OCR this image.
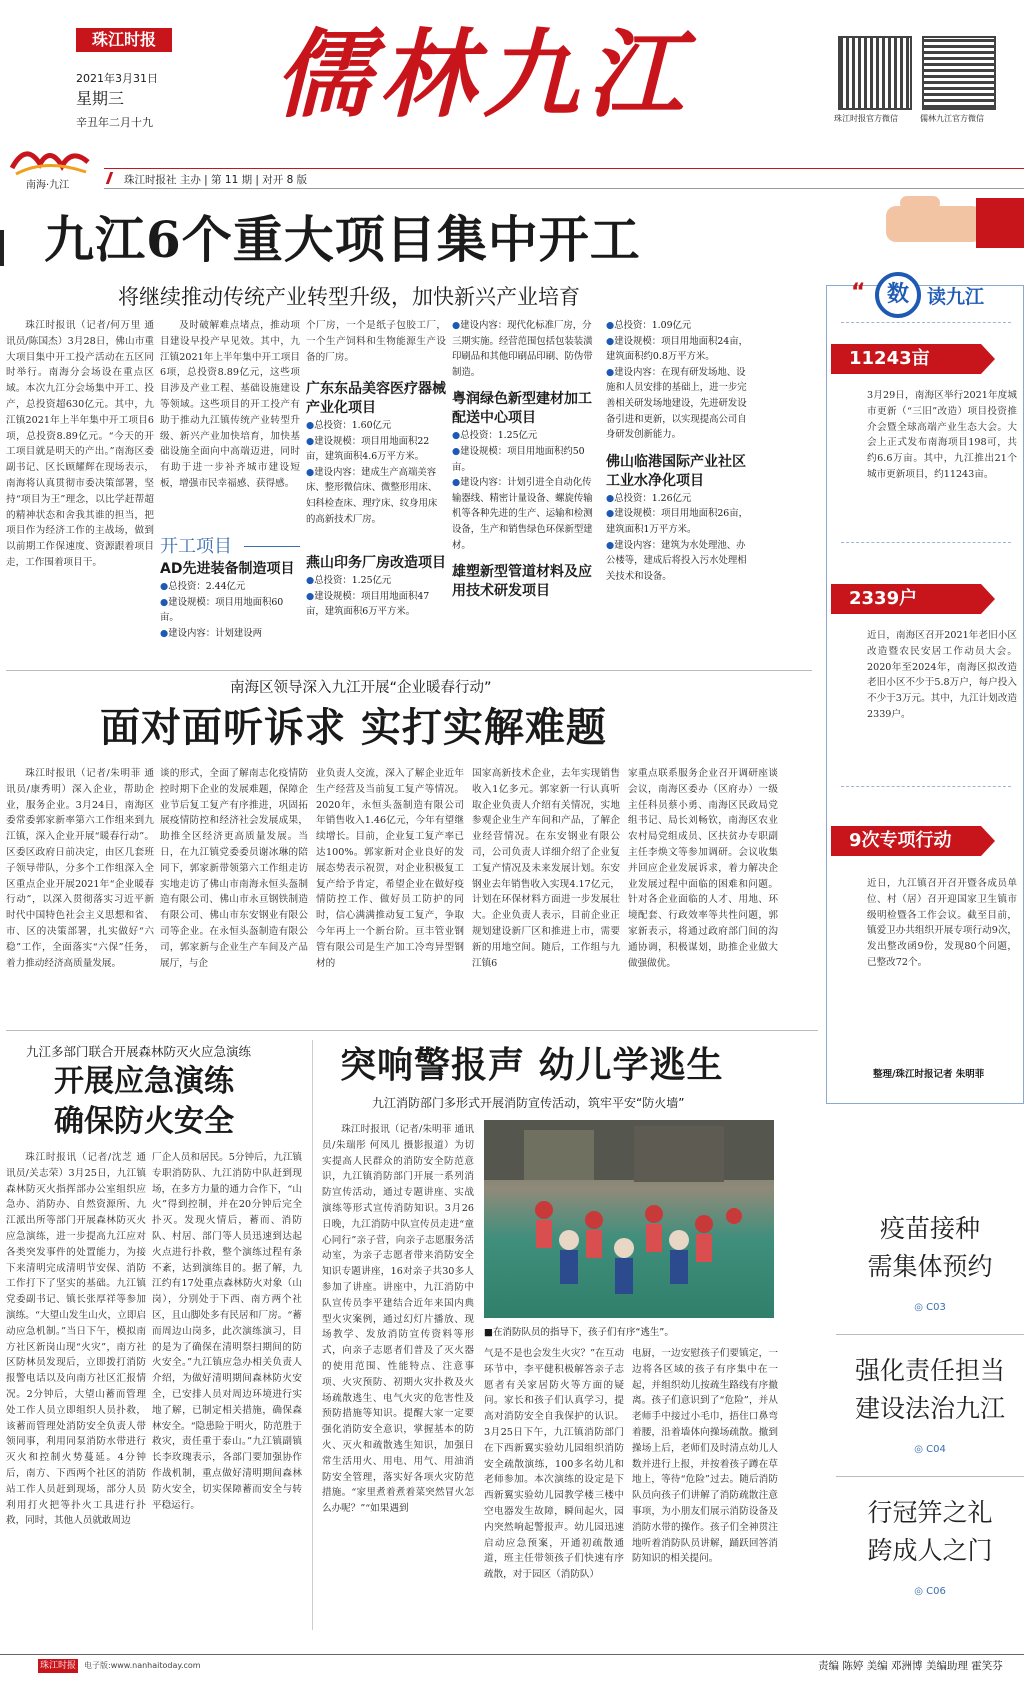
珠江时报
2021年3月31日
星期三
辛丑年二月十九 儒林九江	珠江时报官方微信	儒林九江官方微信
南海·九江	珠江时报社 主办 | 第 11 期 | 对开 8 版
九江6个重大项目集中开工
将继续推动传统产业转型升级，加快新兴产业培育

珠江时报讯（记者/何万里 通讯员/陈国杰）3月28日，佛山市重大项目集中开工投产活动在五区同时举行。南海分会场设在重点区域。本次九江分会场集中开工、投产，总投资超630亿元。其中，九江镇2021年上半年集中开工项目6项，总投资8.89亿元。“今天的开工项目就是明天的产出。”南海区委副书记、区长顾耀辉在现场表示，南海将认真贯彻市委决策部署，坚持“项目为王”理念，以比学赶帮超的精神状态和舍我其谁的担当，把项目作为经济工作的主战场，做到以前期工作保速度、资源跟着项目走，工作围着项目干。

及时破解难点堵点，推动项目建设早投产早见效。其中，九江镇2021年上半年集中开工项目6项，总投资8.89亿元，这些项目涉及产业工程、基础设施建设等领域。这些项目的开工投产有助于推动九江镇传统产业转型升级、新兴产业加快培育，加快基础设施全面向中高端迈进，同时有助于进一步补齐城市建设短板，增强市民幸福感、获得感。

开工项目
AD先进装备制造项目
●总投资：2.44亿元
●建设规模：项目用地面积60亩。
●建设内容：计划建设两

个厂房，一个是纸子包胶工厂，一个生产饲料和生物能源生产设备的厂房。

广东东品美容医疗器械产业化项目
●总投资：1.60亿元
●建设规模：项目用地面积22亩，建筑面积4.6万平方米。
●建设内容：建成生产高端美容床、整形微信床、微整形用床、妇科检查床、理疗床、纹身用床的高新技术厂房。
燕山印务厂房改造项目
●总投资：1.25亿元
●建设规模：项目用地面积47亩，建筑面积6万平方米。
●建设内容：现代化标准厂房，分三期实施。经营范围包括包装装潢印刷品和其他印刷品印刷、防伪带制造。
粤润绿色新型建材加工配送中心项目
●总投资：1.25亿元
●建设规模：项目用地面积约50亩。
●建设内容：计划引进全自动化传输器线、精密计量设备、螺旋传输机等各种先进的生产、运输和检测设备，生产和销售绿色环保新型建材。
雄塑新型管道材料及应用技术研发项目
●总投资：1.09亿元
●建设规模：项目用地面积24亩，建筑面积约0.8万平方米。
●建设内容：在现有研发场地、设施和人员安排的基础上，进一步完善相关研发场地建设，先进研发设备引进和更新，以实现提高公司自身研发创新能力。
佛山临港国际产业社区工业水净化项目
●总投资：1.26亿元
●建设规模：项目用地面积26亩，建筑面积1万平方米。
●建设内容：建筑为水处理池、办公楼等，建成后将投入污水处理相关技术和设备。
数
“	读九江
11243亩
3月29日，南海区举行2021年度城市更新（“三旧”改造）项目投资推介会暨全球高端产业生态大会。大会上正式发布南海项目198可，共约6.6万亩。其中，九江推出21个城市更新项目，约11243亩。
2339户
近日，南海区召开2021年老旧小区改造暨农民安居工作动员大会。2020年至2024年，南海区拟改造老旧小区不少于5.8万户，每户投入不少于3万元。其中，九江计划改造2339户。
9次专项行动
近日，九江镇召开召开暨各成员单位、村（居）召开迎国家卫生镇市级明检暨各工作会议。截至目前，镇爱卫办共组织开展专项行动9次，发出整改函9份，发现80个问题，已整改72个。
整理/珠江时报记者 朱明菲
南海区领导深入九江开展“企业暖春行动”
面对面听诉求 实打实解难题

珠江时报讯（记者/朱明菲 通讯员/康秀明）深入企业，帮助企业，服务企业。3月24日，南海区委常委郭家新率第六工作组来到九江镇，深入企业开展“暖春行动”。区委区政府日前决定，由区几套班子领导带队，分多个工作组深入全区重点企业开展2021年“企业暖春行动”，以深入贯彻落实习近平新时代中国特色社会主义思想和省、市、区的决策部署，扎实做好“六稳”工作，全面落实“六保”任务，着力推动经济高质量发展。

谈的形式，全面了解南志化疫情防控时期下企业的发展难题，保障企业节后复工复产有序推进，巩固拓展疫情防控和经济社会发展成果，助推全区经济更高质量发展。当日，在九江镇党委委员谢冰琳的陪同下，郭家新带领第六工作组走访实地走访了佛山市南海永恒头盔制造有限公司、佛山市永亘钢铁制造有限公司、佛山市东安钢业有限公司等企业。在永恒头盔制造有限公司，郭家新与企业生产车间及产品展厅，与企

业负责人交流，深入了解企业近年生产经营及当前复工复产等情况。2020年，永恒头盔制造有限公司年销售收入1.46亿元，今年有望继续增长。目前，企业复工复产率已达100%。郭家新对企业良好的发展态势表示祝贺，对企业积极复工复产给予肯定，希望企业在做好疫情防控工作、做好员工防护的同时，信心满满推动复工复产，争取今年再上一个新台阶。亘丰管业钢管有限公司是生产加工冷弯异型钢材的

国家高新技术企业，去年实现销售收入1亿多元。郭家新一行认真听取企业负责人介绍有关情况，实地参观企业生产车间和产品，了解企业经营情况。在东安钢业有限公司，公司负责人详细介绍了企业复工复产情况及未来发展计划。东安钢业去年销售收入实现4.17亿元，计划在环保材料方面进一步发展壮大。企业负责人表示，目前企业正规划建设新厂区和推进上市，需要新的用地空间。随后，工作组与九江镇6

家重点联系服务企业召开调研座谈会议，南海区委办（区府办）一级主任科员蔡小勇、南海区民政局党组书记、局长刘畅钦，南海区农业农村局党组成员、区扶贫办专职副主任李焕文等参加调研。会议收集并回应企业发展诉求，着力解决企业发展过程中面临的困难和问题。针对各企业面临的人才、用地、环境配套、行政效率等共性问题，郭家新表示，将通过政府部门间的沟通协调，积极谋划，助推企业做大做强做优。

九江多部门联合开展森林防灭火应急演练
开展应急演练
确保防火安全

珠江时报讯（记者/沈芝 通讯员/关志荣）3月25日，九江镇森林防灭火指挥部办公室组织应急办、消防办、自然资源所、九江派出所等部门开展森林防灭火应急演练，进一步提高九江应对各类突发事件的处置能力，为接下来清明完成清明节安保、消防工作打下了坚实的基础。九江镇党委副书记、镇长张厚祥等参加演练。“大望山发生山火，立即启动应急机制。”当日下午，模拟南方社区新岗山现“火灾”，南方社区防林员发现后，立即拨打消防报警电话以及向南方社区汇报情况。2分钟后，大望山蓄而管理处工作人员立即组织人员扑救，该蓄而管理处消防安全负责人带领同事，利用同泵消防水带进行灭火和控制火势蔓延。4分钟后，南方、下西两个社区的消防站工作人员赶到现场，部分人员利用打火把等扑火工具进行扑救，同时，其他人员就敢周边

厂企人员和居民。5分钟后，九江镇专职消防队、九江消防中队赶到现场，在多方力量的通力合作下，“山火”得到控制，并在20分钟后完全扑灭。发现火情后，蓄而、消防队、村居、部门等人员迅速到达起火点进行扑救，整个演练过程有条不紊，达到演练目的。据了解，九江约有17处重点森林防火对象（山岗），分别处于下西、南方两个社区，且山脚处多有民居和厂房。“蓄而周边山岗多，此次演练演习，目的是为了确保在清明祭扫期间的防火安全。”九江镇应急办相关负责人介绍，为做好清明期间森林防火安全，已安排人员对周边环境进行实地了解，已制定相关措施，确保森林安全。“隐患险于明火，防范胜于救灾，责任重于泰山。”九江镇副镇长李玫瑰表示，各部门要加强协作作战机制，重点做好清明期间森林防火安全，切实保障蓄而安全与转平稳运行。

突响警报声 幼儿学逃生
九江消防部门多形式开展消防宣传活动，筑牢平安“防火墙”

珠江时报讯（记者/朱明菲 通讯员/朱瑞彤 何凤儿 摄影报道）为切实提高人民群众的消防安全防范意识，九江镇消防部门开展一系列消防宣传活动，通过专题讲座、实战演练等形式宣传消防知识。3月26日晚，九江消防中队宣传员走进“童心同行”亲子营，向亲子志愿服务活动室，为亲子志愿者带来消防安全知识专题讲座，16对亲子共30多人参加了讲座。讲座中，九江消防中队宣传员李平建结合近年来国内典型火灾案例，通过幻灯片播放、现场教学、发放消防宣传资料等形式，向亲子志愿者们普及了灭火器的使用范围、性能特点、注意事项、火灾预防、初期火灾扑救及火场疏散逃生、电气火灾的危害性及预防措施等知识。提醒大家一定要强化消防安全意识，掌握基本的防火、灭火和疏散逃生知识，加强日常生活用火、用电、用气、用油消防安全管理，落实好各项火灾防范措施。“家里煮着煮着菜突然冒火怎么办呢？”“如果遇到

■在消防队员的指导下，孩子们有序“逃生”。

气是不是也会发生火灾？”在互动环节中，李平健积极解答亲子志愿者有关家居防火等方面的疑问。家长和孩子们认真学习，提高对消防安全自我保护的认识。3月25日下午，九江镇消防部门在下西新翼实验幼儿园组织消防安全疏散演练，100多名幼儿和老师参加。本次演练的设定是下西新翼实验幼儿园教学楼三楼中空电器发生故障，瞬间起火，园内突然响起警报声。幼儿园迅速启动应急预案，开通初疏散通道，班主任带领孩子们快速有序疏散，对于园区（消防队）

电厨，一边安慰孩子们要镇定，一边将各区域的孩子有序集中在一起，并组织幼儿按疏生路线有序撤离。孩子们意识到了“危险”，并从老师手中接过小毛巾，捂住口鼻弯着腰，沿着墙体向操场疏散。撤到操场上后，老师们及时清点幼儿人数并进行上报，并按着孩子蹲在草地上，等待“危险”过去。随后消防队员向孩子们讲解了消防疏散注意事项，为小朋友们展示消防设备及消防水带的操作。孩子们全神贯注地听着消防队员讲解，踊跃回答消防知识的相关提问。

疫苗接种
需集体预约
◎ C03
强化责任担当
建设法治九江
◎ C04
行冠笄之礼
跨成人之门
◎ C06
珠江时报 电子版:www.nanhaitoday.com	责编 陈婷 美编 邓洲博 美编助理 霍笑芬
